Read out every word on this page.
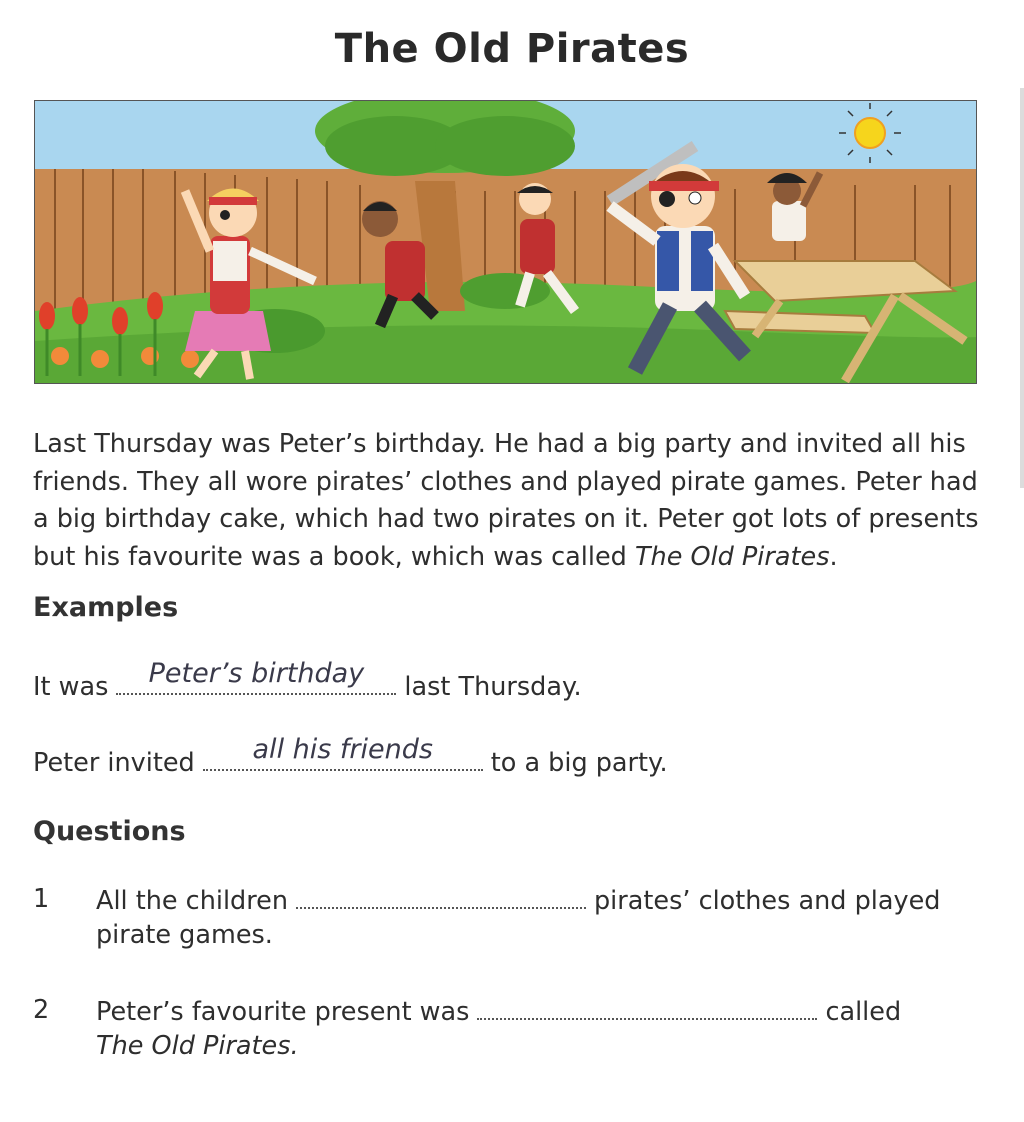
The Old Pirates
Last Thursday was Peter’s birthday. He had a big party and invited all his friends. They all wore pirates’ clothes and played pirate games. Peter had a big birthday cake, which had two pirates on it. Peter got lots of presents but his favourite was a book, which was called The Old Pirates.
Examples
It was	Peter’s birthday	last Thursday.
Peter invited	all his friends	to a big party.
Questions
1 All the children	pirates’ clothes and played
pirate games.
2 Peter’s favourite present was	called
The Old Pirates.
